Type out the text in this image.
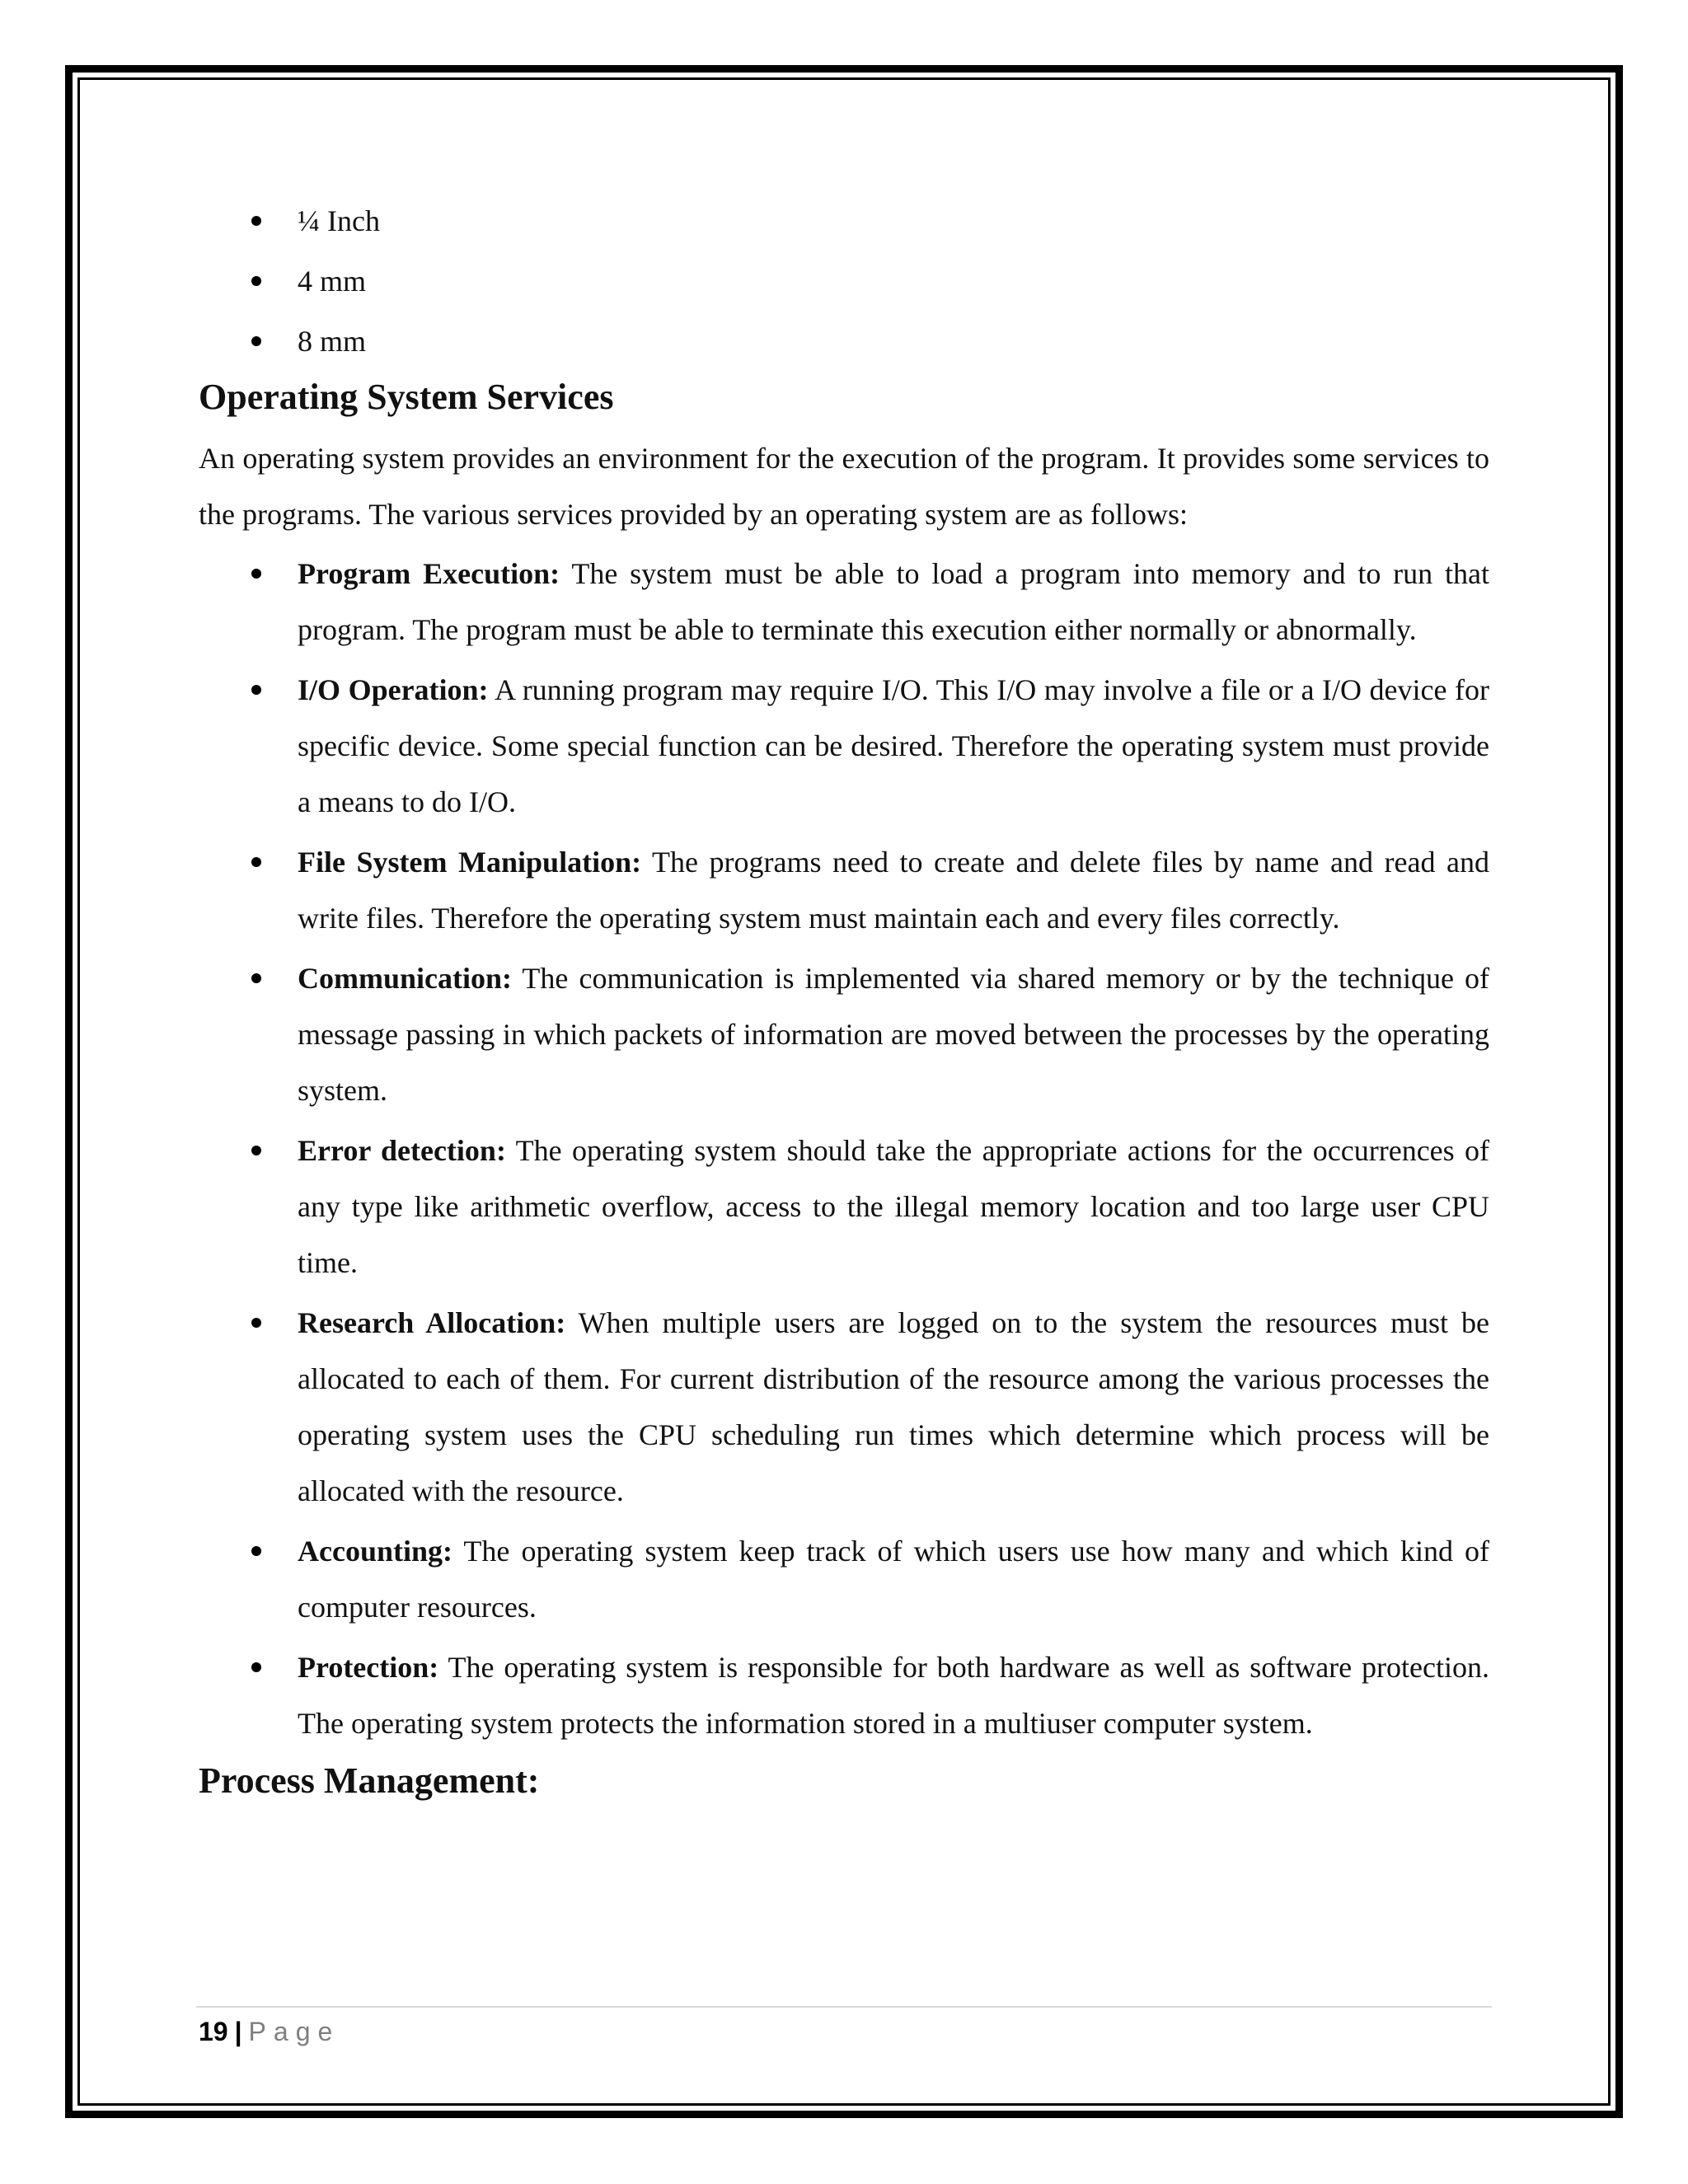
¼ Inch
4 mm
8 mm
Operating System Services

An operating system provides an environment for the execution of the program. It provides some services to the programs. The various services provided by an operating system are as follows:

Program Execution: The system must be able to load a program into memory and to run that program. The program must be able to terminate this execution either normally or abnormally.
I/O Operation: A running program may require I/O. This I/O may involve a file or a I/O device for specific device. Some special function can be desired. Therefore the operating system must provide a means to do I/O.
File System Manipulation: The programs need to create and delete files by name and read and write files. Therefore the operating system must maintain each and every files correctly.
Communication: The communication is implemented via shared memory or by the technique of message passing in which packets of information are moved between the processes by the operating system.
Error detection: The operating system should take the appropriate actions for the occurrences of any type like arithmetic overflow, access to the illegal memory location and too large user CPU time.
Research Allocation: When multiple users are logged on to the system the resources must be allocated to each of them. For current distribution of the resource among the various processes the operating system uses the CPU scheduling run times which determine which process will be allocated with the resource.
Accounting: The operating system keep track of which users use how many and which kind of computer resources.
Protection: The operating system is responsible for both hardware as well as software protection. The operating system protects the information stored in a multiuser computer system.
Process Management:
19 | Page
